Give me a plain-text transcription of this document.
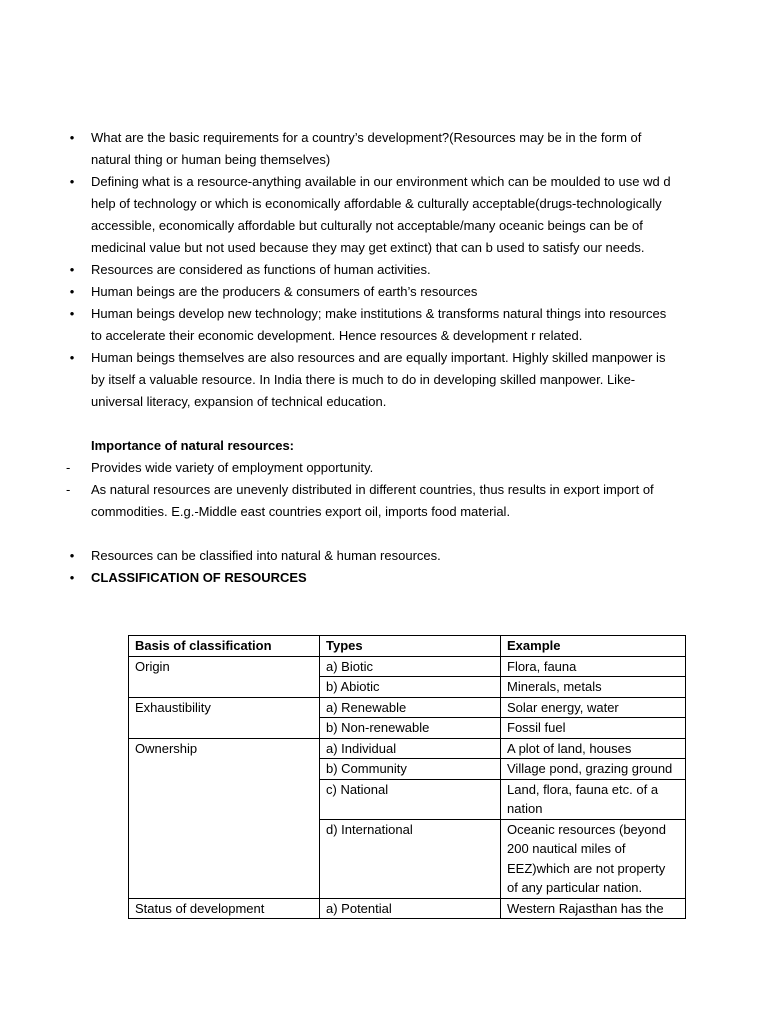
• What are the basic requirements for a country’s development?(Resources may be in the form of natural thing or human being themselves)
• Defining what is a resource-anything available in our environment which can be moulded to use wd d help of technology or which is economically affordable & culturally acceptable(drugs-technologically accessible, economically affordable but culturally not acceptable/many oceanic beings can be of medicinal value but not used because they may get extinct) that can b used to satisfy our needs.
• Resources are considered as functions of human activities.
• Human beings are the producers & consumers of earth’s resources
• Human beings develop new technology; make institutions & transforms natural things into resources to accelerate their economic development. Hence resources & development r related.
• Human beings themselves are also resources and are equally important. Highly skilled manpower is by itself a valuable resource. In India there is much to do in developing skilled manpower. Like-universal literacy, expansion of technical education.
Importance of natural resources:
- Provides wide variety of employment opportunity.
- As natural resources are unevenly distributed in different countries, thus results in export import of commodities. E.g.-Middle east countries export oil, imports food material.
• Resources can be classified into natural & human resources.
• CLASSIFICATION OF RESOURCES
Basis of classification	Types	Example
Origin	a) Biotic	Flora, fauna
	b) Abiotic	Minerals, metals
Exhaustibility	a) Renewable	Solar energy, water
	b) Non-renewable	Fossil fuel
Ownership	a) Individual	A plot of land, houses
	b) Community	Village pond, grazing ground
	c) National	Land, flora, fauna etc. of a nation
	d) International	Oceanic resources (beyond 200 nautical miles of EEZ)which are not property of any particular nation.
Status of development	a) Potential	Western Rajasthan has the
